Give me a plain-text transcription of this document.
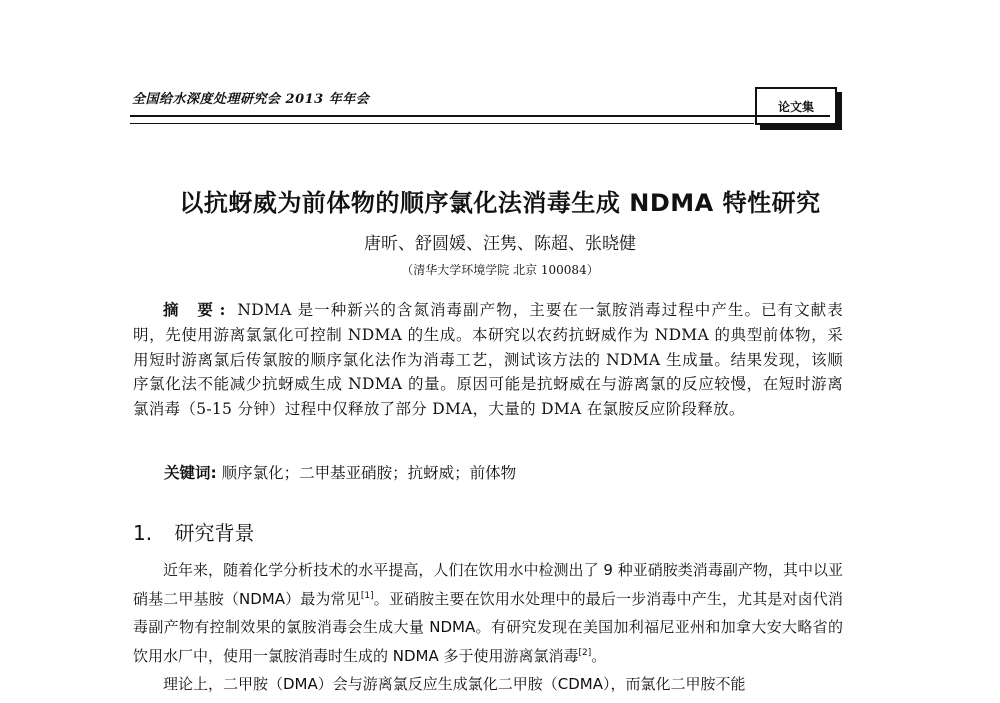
全国给水深度处理研究会 2013 年年会	论文集
以抗蚜威为前体物的顺序氯化法消毒生成 NDMA 特性研究
唐昕、舒圆媛、汪隽、陈超、张晓健
（清华大学环境学院 北京 100084）
摘 要: NDMA 是一种新兴的含氮消毒副产物，主要在一氯胺消毒过程中产生。已有文献表明，先使用游离氯氯化可控制 NDMA 的生成。本研究以农药抗蚜威作为 NDMA 的典型前体物，采用短时游离氯后传氯胺的顺序氯化法作为消毒工艺，测试该方法的 NDMA 生成量。结果发现，该顺序氯化法不能减少抗蚜威生成 NDMA 的量。原因可能是抗蚜威在与游离氯的反应较慢，在短时游离氯消毒（5-15 分钟）过程中仅释放了部分 DMA，大量的 DMA 在氯胺反应阶段释放。
关键词: 顺序氯化；二甲基亚硝胺；抗蚜威；前体物
1. 研究背景

近年来，随着化学分析技术的水平提高，人们在饮用水中检测出了 9 种亚硝胺类消毒副产物，其中以亚硝基二甲基胺（NDMA）最为常见[1]。亚硝胺主要在饮用水处理中的最后一步消毒中产生，尤其是对卤代消毒副产物有控制效果的氯胺消毒会生成大量 NDMA。有研究发现在美国加利福尼亚州和加拿大安大略省的饮用水厂中，使用一氯胺消毒时生成的 NDMA 多于使用游离氯消毒[2]。

理论上，二甲胺（DMA）会与游离氯反应生成氯化二甲胺（CDMA），而氯化二甲胺不能
